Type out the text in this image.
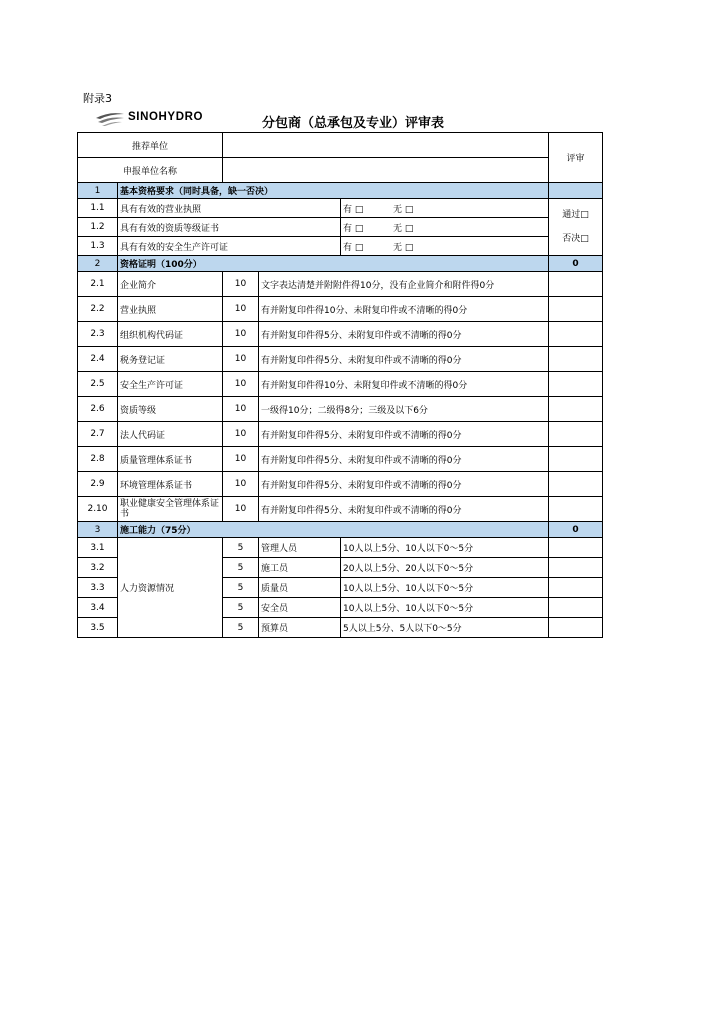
附录3
SINOHYDRO	分包商（总承包及专业）评审表
推荐单位					评审
申报单位名称					
1	基本资格要求（同时具备，缺一否决）				
1.1	具有有效的营业执照			有 □ 无 □	通过□
否决□

1.2	具有有效的资质等级证书			有 □ 无 □	
1.3	具有有效的安全生产许可证			有 □ 无 □	
2	资格证明（100分）				0
2.1	企业简介	10	文字表达清楚并附附件得10分，没有企业简介和附件得0分		
2.2	营业执照	10	有并附复印件得10分、未附复印件或不清晰的得0分		
2.3	组织机构代码证	10	有并附复印件得5分、未附复印件或不清晰的得0分		
2.4	税务登记证	10	有并附复印件得5分、未附复印件或不清晰的得0分		
2.5	安全生产许可证	10	有并附复印件得10分、未附复印件或不清晰的得0分		
2.6	资质等级	10	一级得10分；二级得8分；三级及以下6分		
2.7	法人代码证	10	有并附复印件得5分、未附复印件或不清晰的得0分		
2.8	质量管理体系证书	10	有并附复印件得5分、未附复印件或不清晰的得0分		
2.9	环境管理体系证书	10	有并附复印件得5分、未附复印件或不清晰的得0分		
2.10	职业健康安全管理体系证书	10	有并附复印件得5分、未附复印件或不清晰的得0分		
3	施工能力（75分）				0
3.1	人力资源情况	5	管理人员	10人以上5分、10人以下0～5分	
3.2		5	施工员	20人以上5分、20人以下0～5分	
3.3		5	质量员	10人以上5分、10人以下0～5分	
3.4		5	安全员	10人以上5分、10人以下0～5分	
3.5		5	预算员	5人以上5分、5人以下0～5分	
